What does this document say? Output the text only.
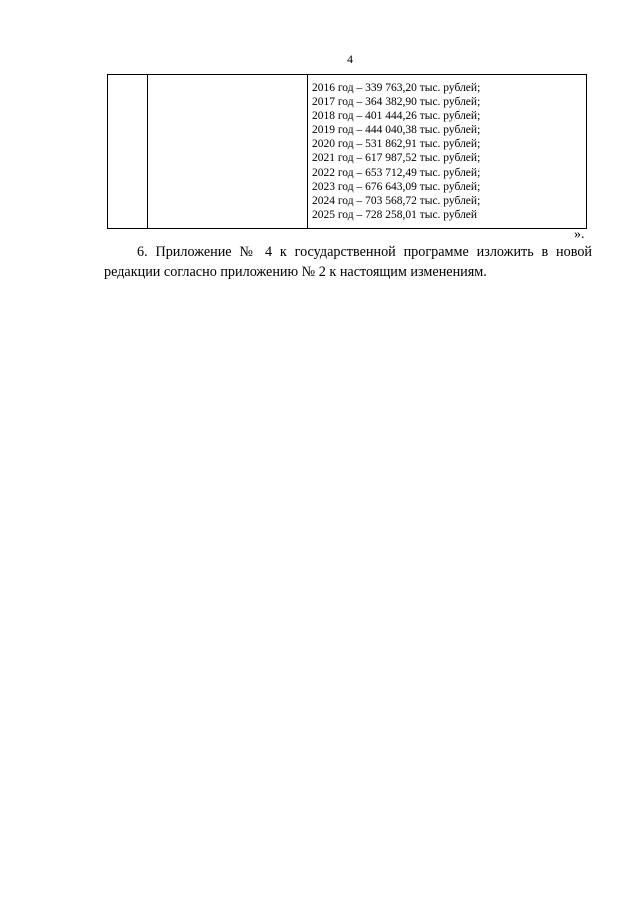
4

2016 год – 339 763,20 тыс. рублей;
2017 год – 364 382,90 тыс. рублей;
2018 год – 401 444,26 тыс. рублей;
2019 год – 444 040,38 тыс. рублей;
2020 год – 531 862,91 тыс. рублей;
2021 год – 617 987,52 тыс. рублей;
2022 год – 653 712,49 тыс. рублей;
2023 год – 676 643,09 тыс. рублей;
2024 год – 703 568,72 тыс. рублей;
2025 год – 728 258,01 тыс. рублей
».

6. Приложение № 4 к государственной программе изложить в новой редакции согласно приложению № 2 к настоящим изменениям.
